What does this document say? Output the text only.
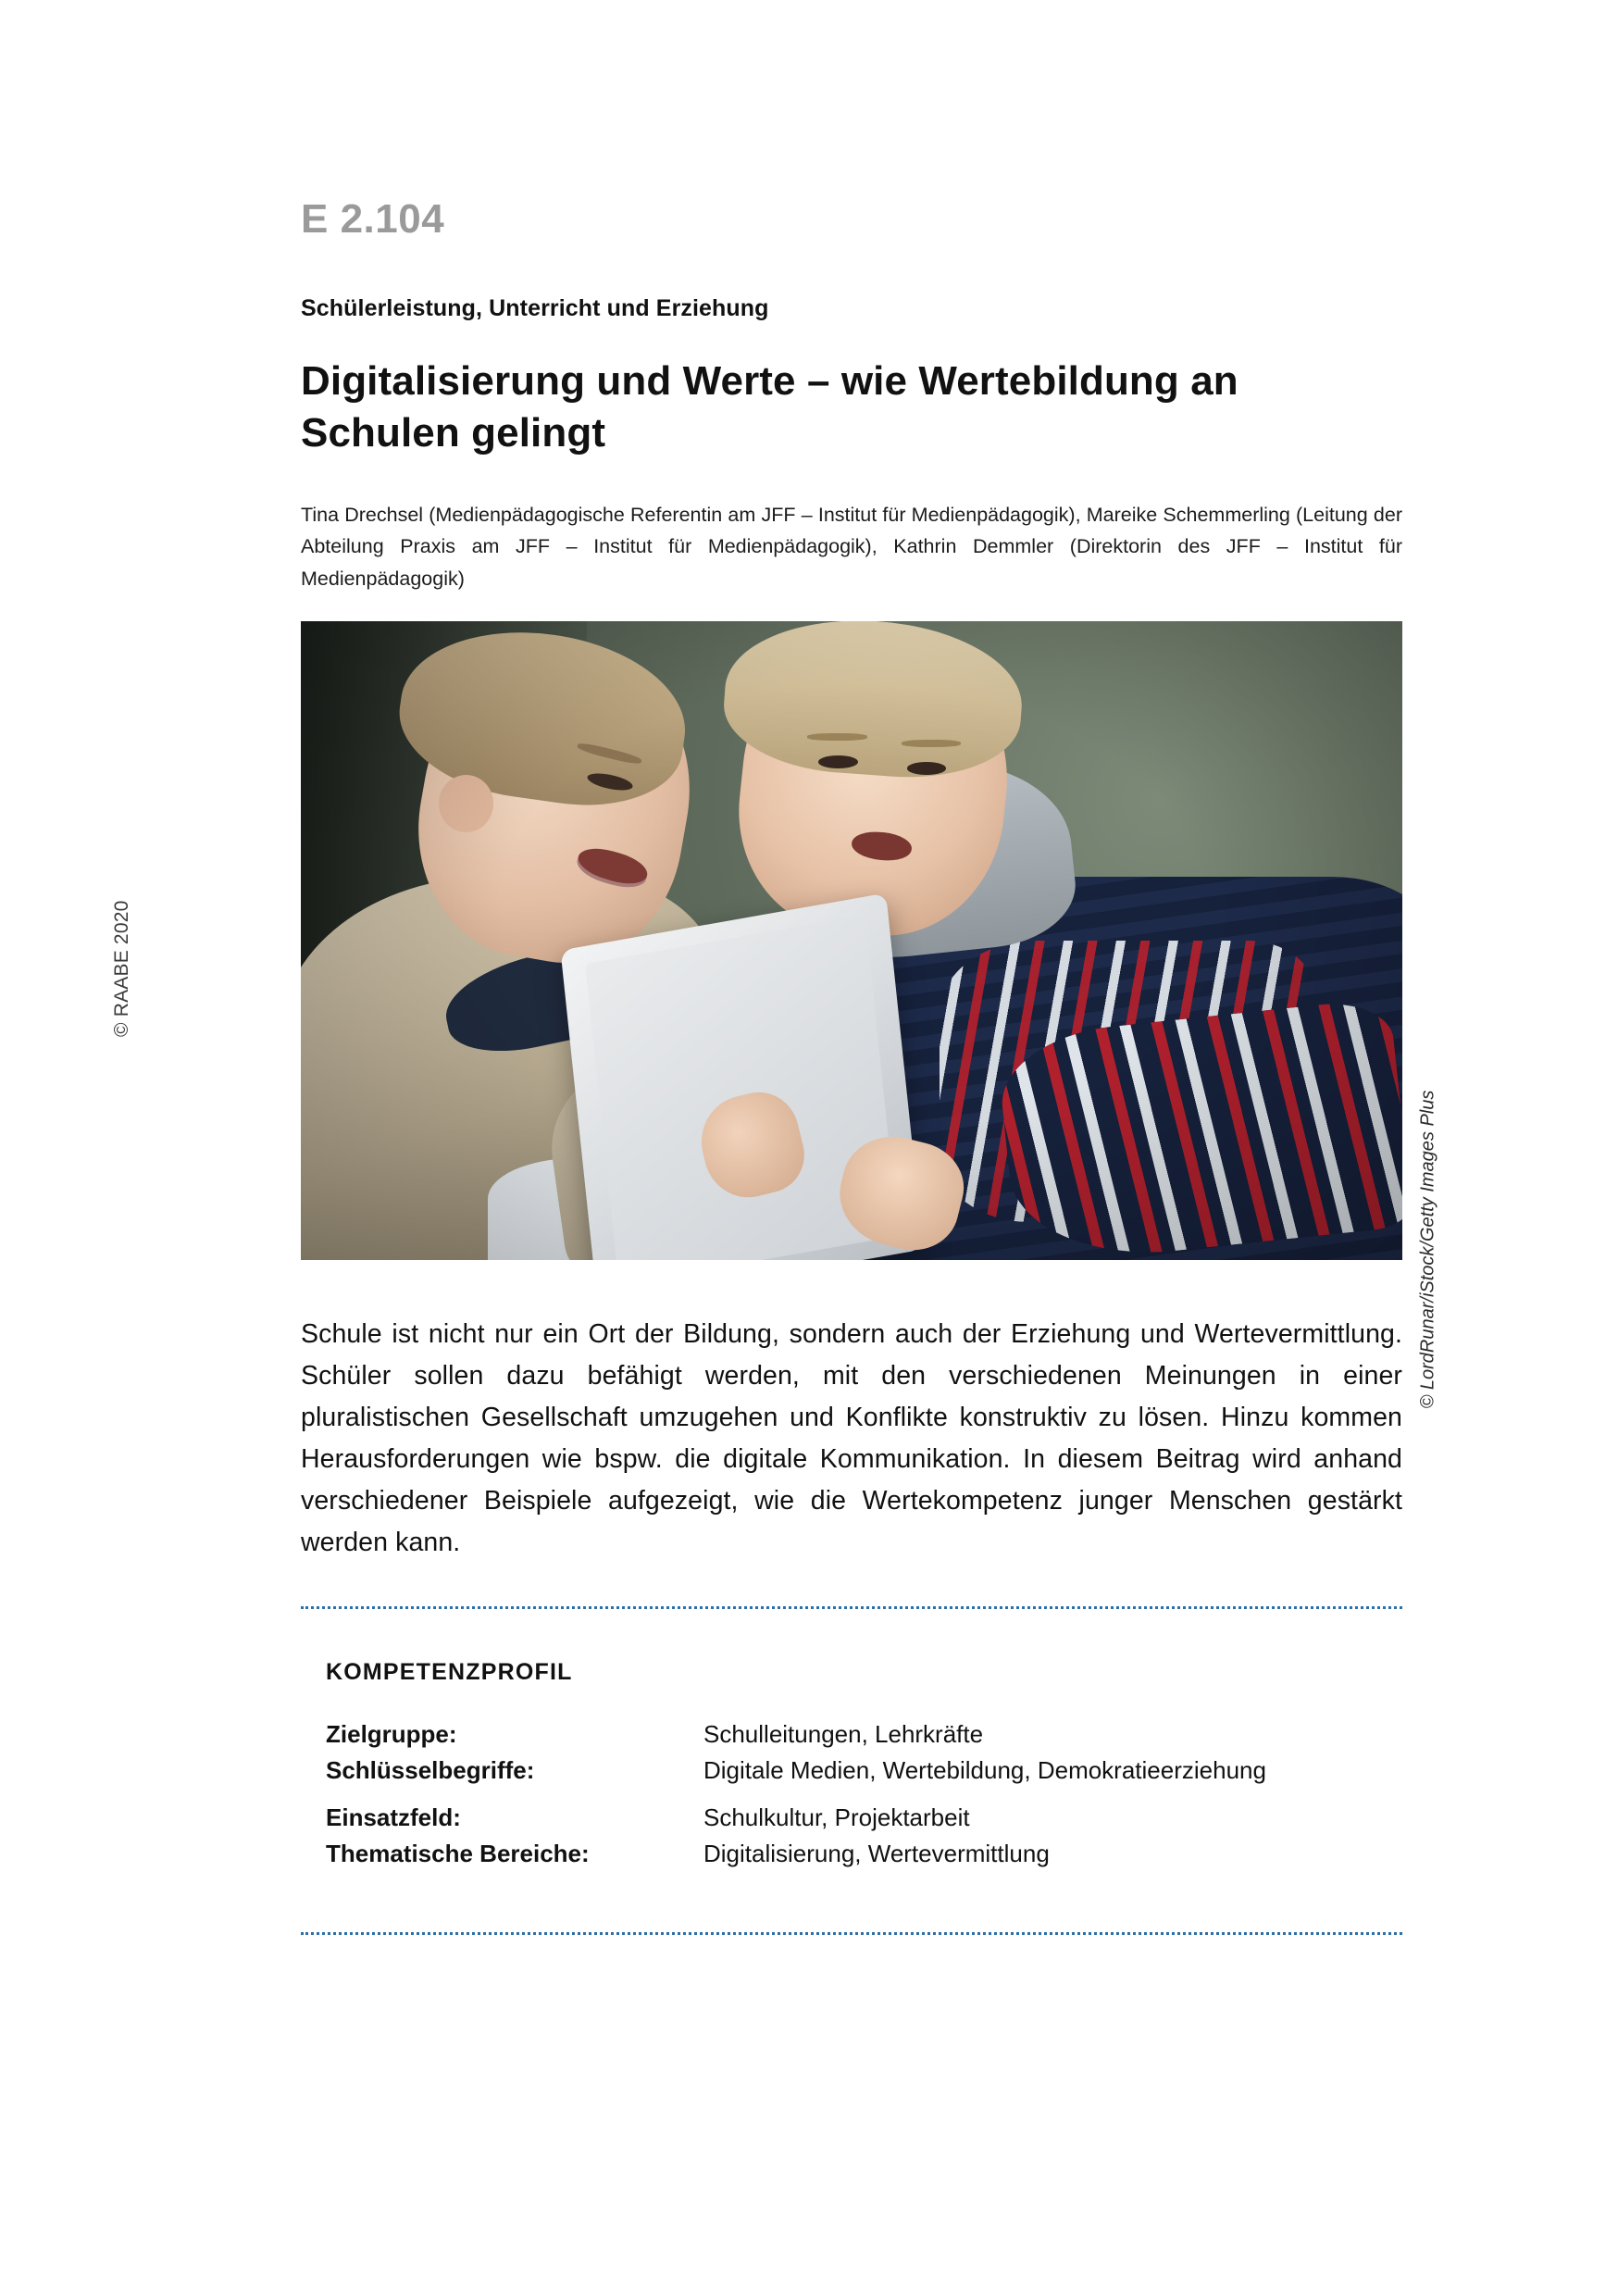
© RAABE 2020
E 2.104
Schülerleistung, Unterricht und Erziehung
Digitalisierung und Werte – wie Wertebildung an Schulen gelingt
Tina Drechsel (Medienpädagogische Referentin am JFF – Institut für Medienpädagogik), Mareike Schemmerling (Leitung der Abteilung Praxis am JFF – Institut für Medienpädagogik), Kathrin Demmler (Direktorin des JFF – Institut für Medienpädagogik)
© LordRunar/iStock/Getty Images Plus

Schule ist nicht nur ein Ort der Bildung, sondern auch der Erziehung und Wertevermittlung. Schüler sollen dazu befähigt werden, mit den verschiedenen Meinungen in einer pluralistischen Gesellschaft umzugehen und Konflikte konstruktiv zu lösen. Hinzu kommen Herausforderungen wie bspw. die digitale Kommunikation. In diesem Beitrag wird anhand verschiedener Beispiele aufgezeigt, wie die Wertekompetenz junger Menschen gestärkt werden kann.

KOMPETENZPROFIL
Zielgruppe:	Schulleitungen, Lehrkräfte
Schlüsselbegriffe:	Digitale Medien, Wertebildung, Demokratieerziehung

Einsatzfeld:	Schulkultur, Projektarbeit
Thematische Bereiche:	Digitalisierung, Wertevermittlung
